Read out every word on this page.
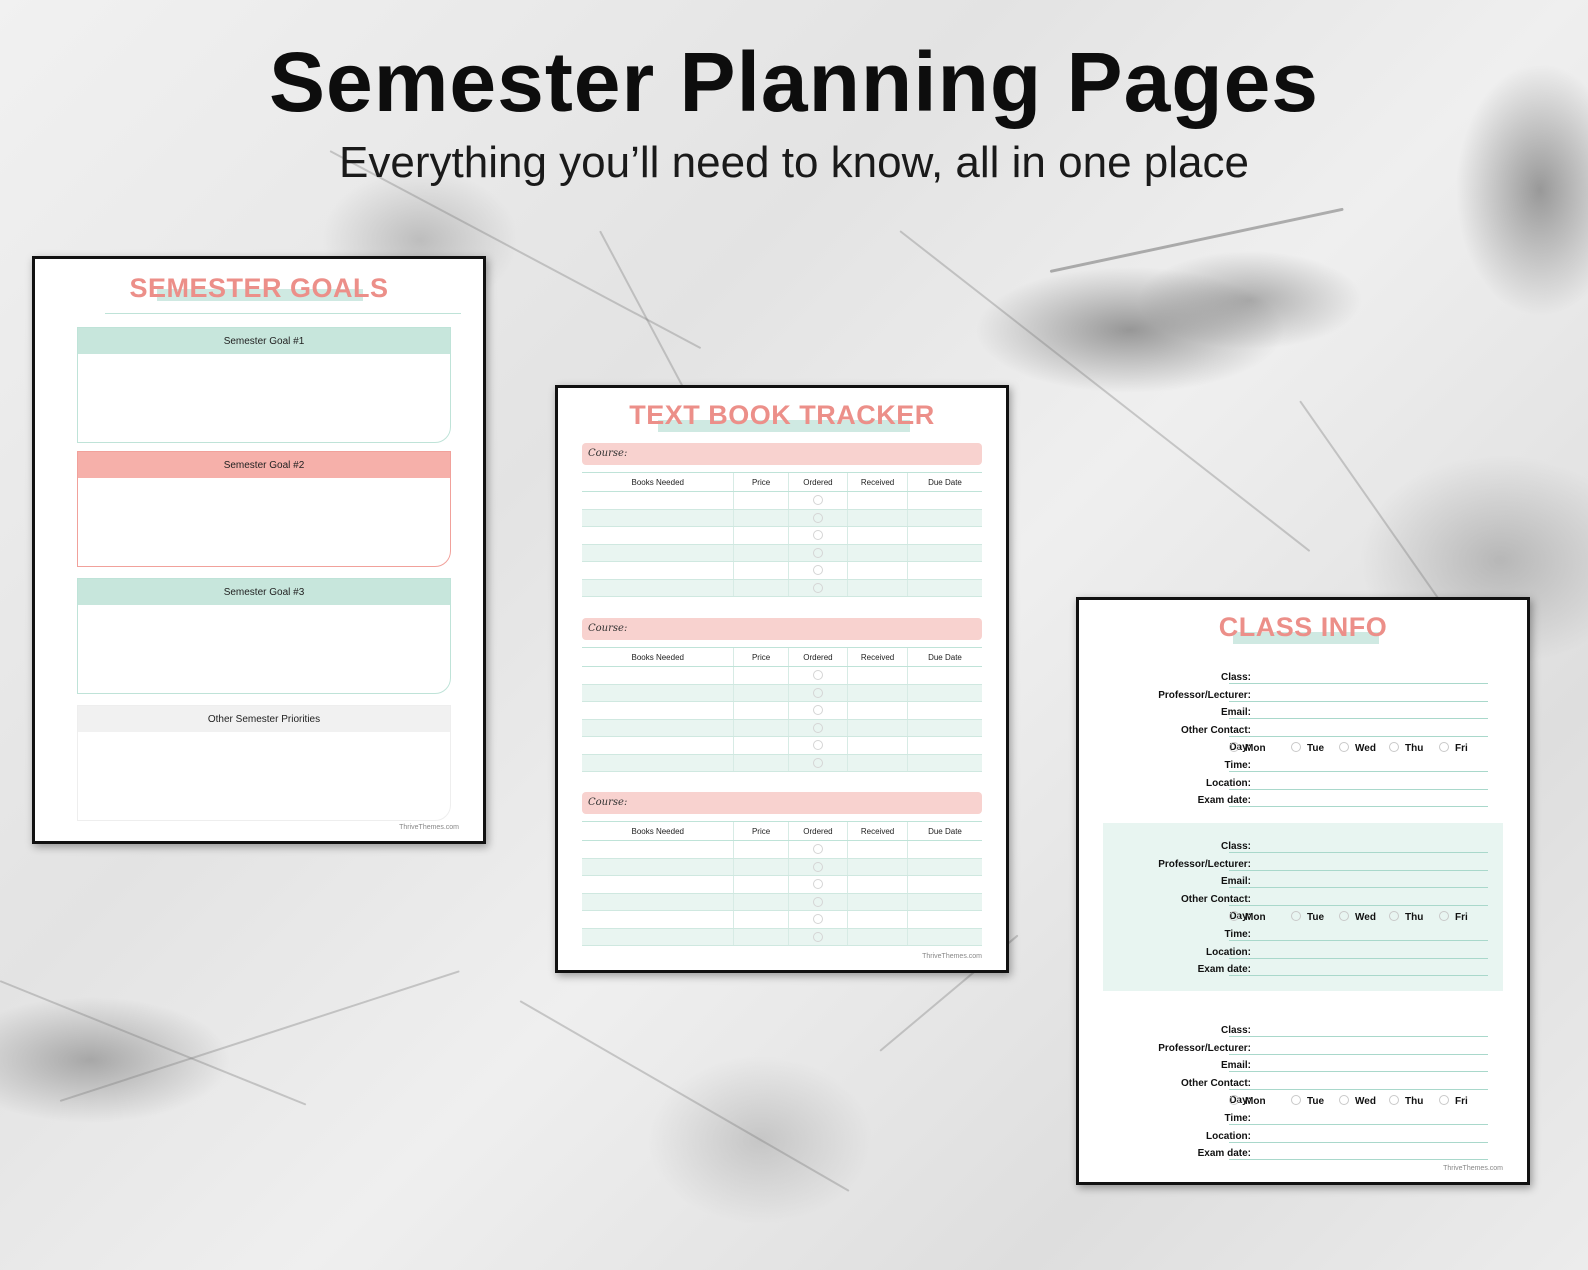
Semester Planning Pages
Everything you’ll need to know, all in one place
SEMESTER GOALS
Semester Goal #1
Semester Goal #2
Semester Goal #3
Other Semester Priorities
ThriveThemes.com
TEXT BOOK TRACKER
Course:
Books Needed	Price	Ordered	Received	Due Date

Course:
Books Needed	Price	Ordered	Received	Due Date

Course:
Books Needed	Price	Ordered	Received	Due Date

ThriveThemes.com
CLASS INFO
Class:
Professor/Lecturer:
Email:
Other Contact:
Day:
Mon	Tue	Wed	Thu	Fri
Time:
Location:
Exam date:
Class:
Professor/Lecturer:
Email:
Other Contact:
Day:
Mon	Tue	Wed	Thu	Fri
Time:
Location:
Exam date:
Class:
Professor/Lecturer:
Email:
Other Contact:
Day:
Mon	Tue	Wed	Thu	Fri
Time:
Location:
Exam date:
ThriveThemes.com
